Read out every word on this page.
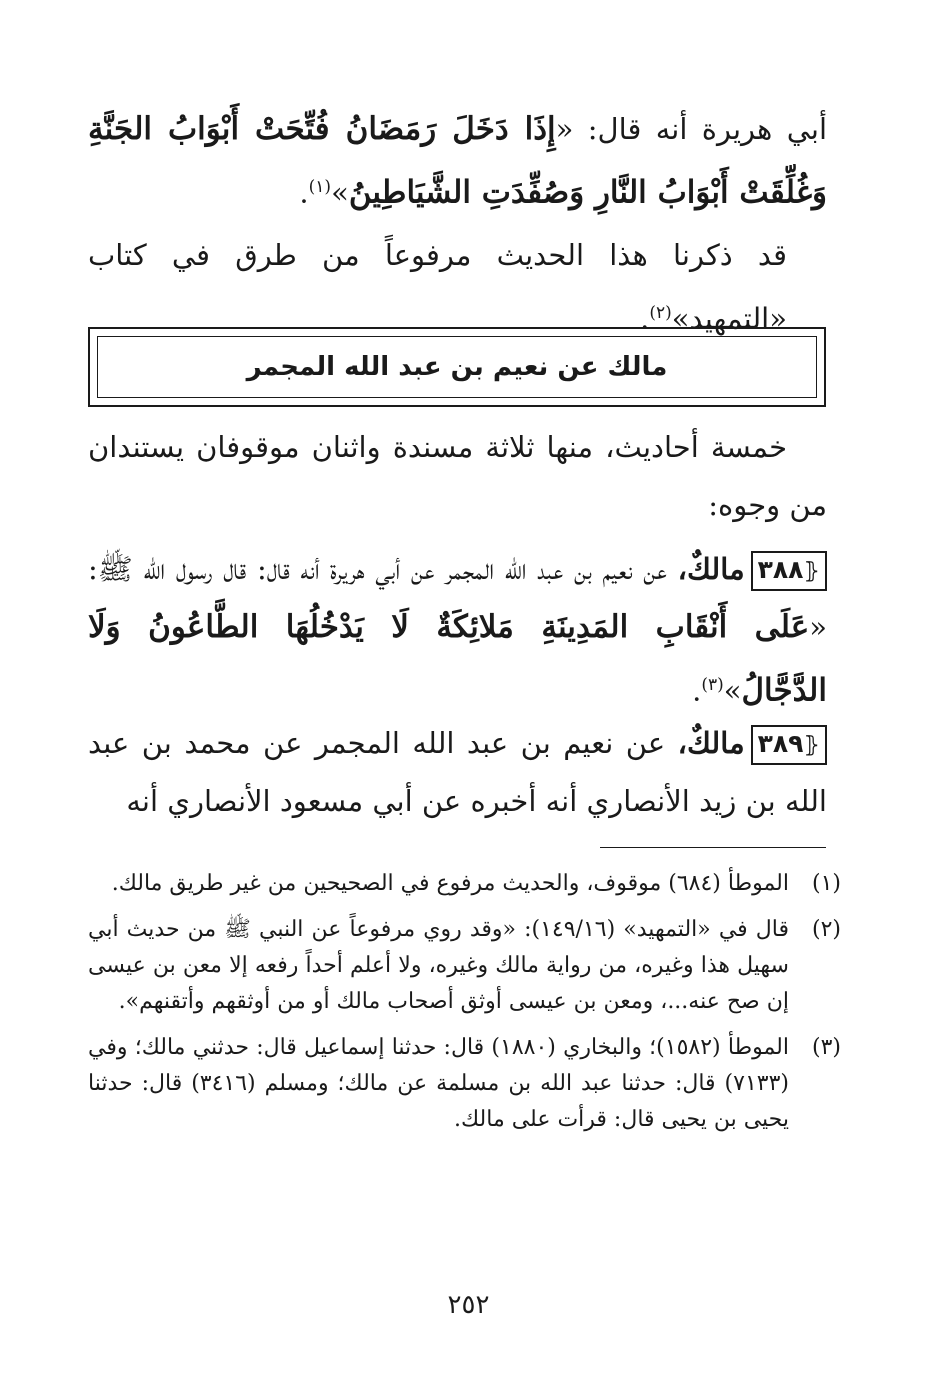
أبي هريرة أنه قال: «إِذَا دَخَلَ رَمَضَانُ فُتِّحَتْ أَبْوَابُ الجَنَّةِ وَغُلِّقَتْ أَبْوَابُ النَّارِ وَصُفِّدَتِ الشَّيَاطِينُ»$^{(١)}$.

قد ذكرنا هذا الحديث مرفوعاً من طرق في كتاب «التمهيد»$^{(٢)}$.

مالك عن نعيم بن عبد الله المجمر

خمسة أحاديث، منها ثلاثة مسندة واثنان موقوفان يستندان من وجوه:

⦃٣٨٨مالكٌ، عن نعيم بن عبد الله المجمر عن أبي هريرة أنه قال: قال رسول الله ﷺ: «عَلَى أَنْقَابِ المَدِينَةِ مَلائِكَةٌ لَا يَدْخُلُهَا الطَّاعُونُ وَلَا الدَّجَّالُ»$^{(٣)}$.

⦃٣٨٩مالكٌ، عن نعيم بن عبد الله المجمر عن محمد بن عبد الله بن زيد الأنصاري أنه أخبره عن أبي مسعود الأنصاري أنه

(١)
الموطأ (٦٨٤) موقوف، والحديث مرفوع في الصحيحين من غير طريق مالك.
(٢)
قال في «التمهيد» (١٤٩/١٦): «وقد روي مرفوعاً عن النبي ﷺ من حديث أبي سهيل هذا وغيره، من رواية مالك وغيره، ولا أعلم أحداً رفعه إلا معن بن عيسى إن صح عنه...، ومعن بن عيسى أوثق أصحاب مالك أو من أوثقهم وأتقنهم».
(٣)
الموطأ (١٥٨٢)؛ والبخاري (١٨٨٠) قال: حدثنا إسماعيل قال: حدثني مالك؛ وفي (٧١٣٣) قال: حدثنا عبد الله بن مسلمة عن مالك؛ ومسلم (٣٤١٦) قال: حدثنا يحيى بن يحيى قال: قرأت على مالك.
٢٥٢
